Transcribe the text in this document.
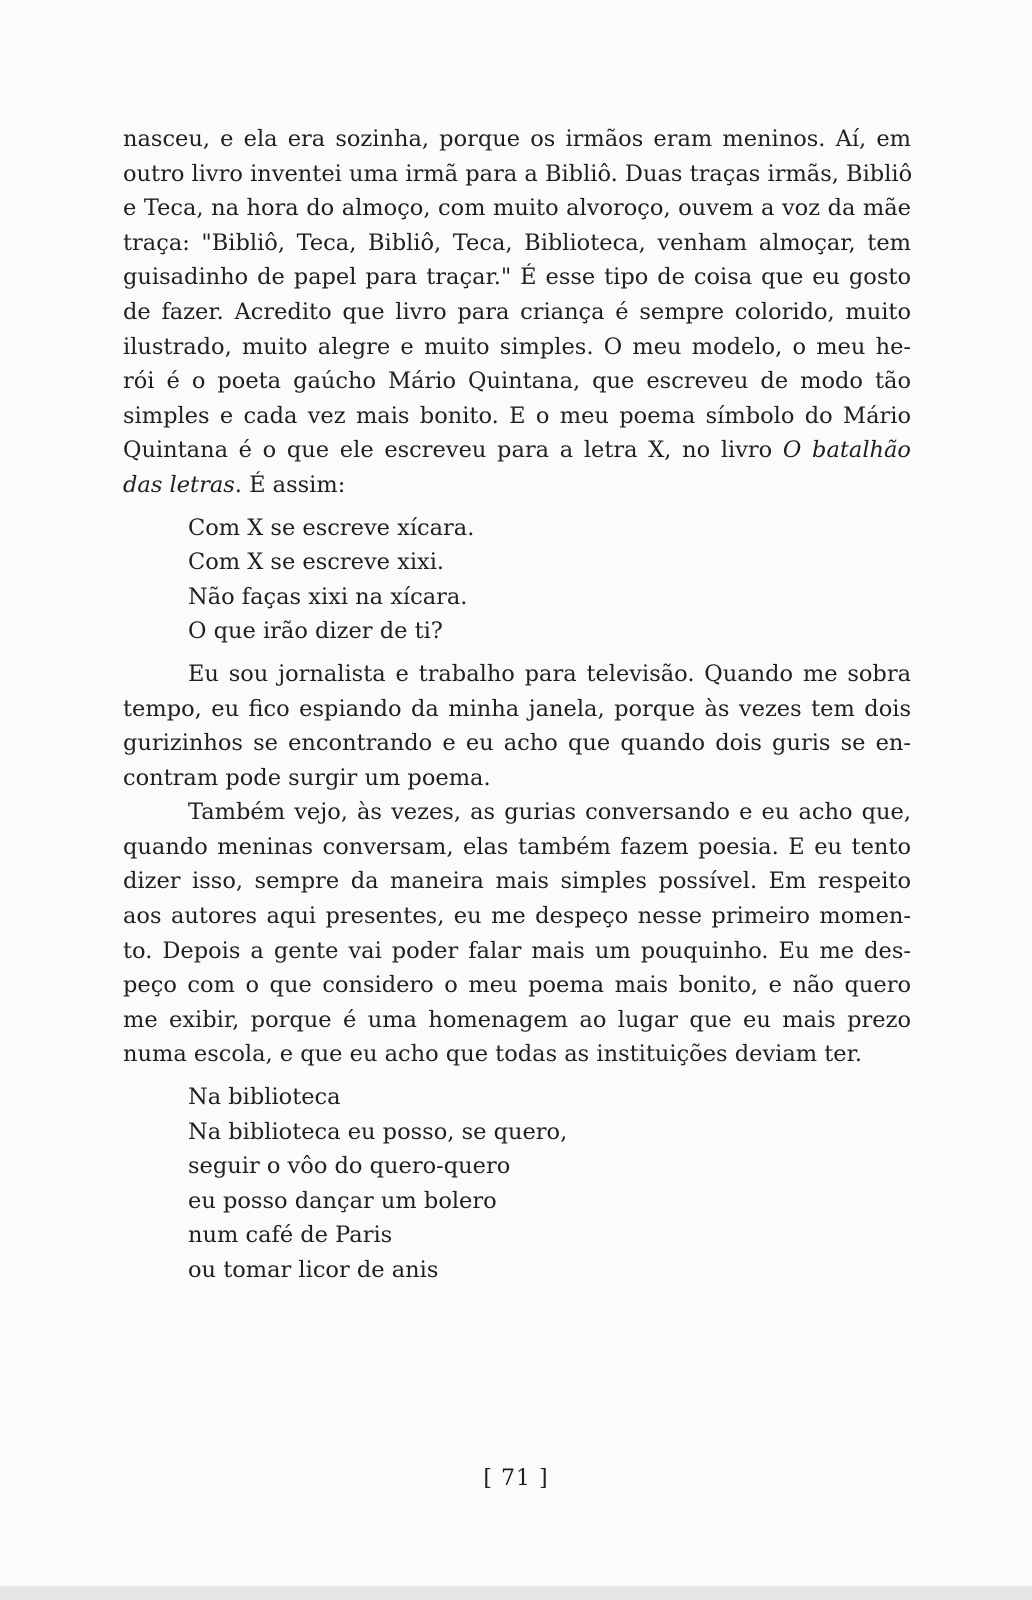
nasceu, e ela era sozinha, porque os irmãos eram meninos. Aí, em
outro livro inventei uma irmã para a Bibliô. Duas traças irmãs, Bibliô
e Teca, na hora do almoço, com muito alvoroço, ouvem a voz da mãe
traça: "Bibliô, Teca, Bibliô, Teca, Biblioteca, venham almoçar, tem
guisadinho de papel para traçar." É esse tipo de coisa que eu gosto
de fazer. Acredito que livro para criança é sempre colorido, muito
ilustrado, muito alegre e muito simples. O meu modelo, o meu he-
rói é o poeta gaúcho Mário Quintana, que escreveu de modo tão
simples e cada vez mais bonito. E o meu poema símbolo do Mário
Quintana é o que ele escreveu para a letra X, no livro O batalhão
das letras. É assim:
Com X se escreve xícara.
Com X se escreve xixi.
Não faças xixi na xícara.
O que irão dizer de ti?
Eu sou jornalista e trabalho para televisão. Quando me sobra
tempo, eu fico espiando da minha janela, porque às vezes tem dois
gurizinhos se encontrando e eu acho que quando dois guris se en-
contram pode surgir um poema.
Também vejo, às vezes, as gurias conversando e eu acho que,
quando meninas conversam, elas também fazem poesia. E eu tento
dizer isso, sempre da maneira mais simples possível. Em respeito
aos autores aqui presentes, eu me despeço nesse primeiro momen-
to. Depois a gente vai poder falar mais um pouquinho. Eu me des-
peço com o que considero o meu poema mais bonito, e não quero
me exibir, porque é uma homenagem ao lugar que eu mais prezo
numa escola, e que eu acho que todas as instituições deviam ter.
Na biblioteca
Na biblioteca eu posso, se quero,
seguir o vôo do quero-quero
eu posso dançar um bolero
num café de Paris
ou tomar licor de anis
[ 71 ]
